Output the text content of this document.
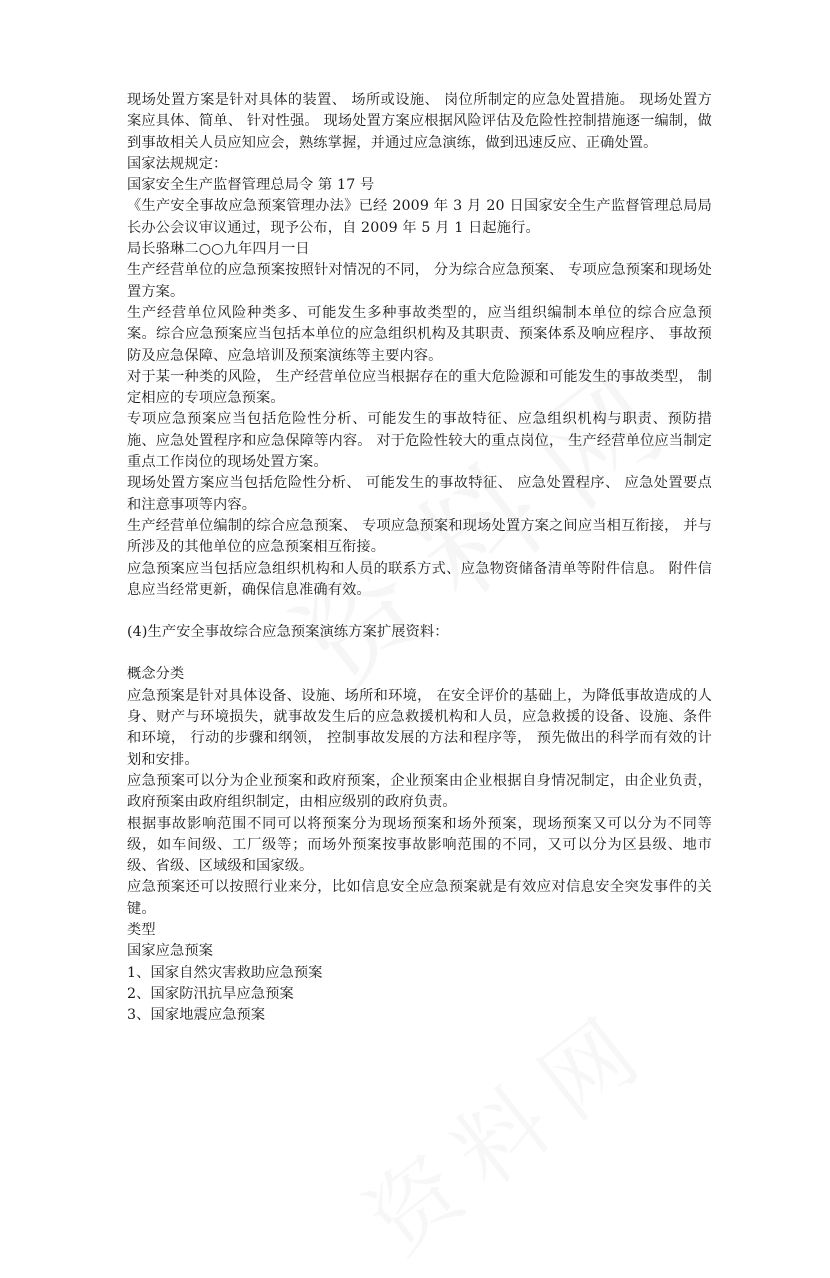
现场处置方案是针对具体的装置、 场所或设施、 岗位所制定的应急处置措施。 现场处置方案应具体、简单、 针对性强。 现场处置方案应根据风险评估及危险性控制措施逐一编制，做到事故相关人员应知应会，熟练掌握，并通过应急演练，做到迅速反应、正确处置。

国家法规规定：

国家安全生产监督管理总局令 第 17 号

《生产安全事故应急预案管理办法》已经 2009 年 3 月 20 日国家安全生产监督管理总局局长办公会议审议通过，现予公布，自 2009 年 5 月 1 日起施行。

局长骆琳二○○九年四月一日

生产经营单位的应急预案按照针对情况的不同， 分为综合应急预案、 专项应急预案和现场处置方案。

生产经营单位风险种类多、可能发生多种事故类型的，应当组织编制本单位的综合应急预案。综合应急预案应当包括本单位的应急组织机构及其职责、预案体系及响应程序、 事故预防及应急保障、应急培训及预案演练等主要内容。

对于某一种类的风险， 生产经营单位应当根据存在的重大危险源和可能发生的事故类型， 制定相应的专项应急预案。

专项应急预案应当包括危险性分析、可能发生的事故特征、应急组织机构与职责、预防措施、应急处置程序和应急保障等内容。 对于危险性较大的重点岗位， 生产经营单位应当制定重点工作岗位的现场处置方案。

现场处置方案应当包括危险性分析、 可能发生的事故特征、 应急处置程序、 应急处置要点和注意事项等内容。

生产经营单位编制的综合应急预案、 专项应急预案和现场处置方案之间应当相互衔接， 并与所涉及的其他单位的应急预案相互衔接。

应急预案应当包括应急组织机构和人员的联系方式、应急物资储备清单等附件信息。 附件信息应当经常更新，确保信息准确有效。

(4)生产安全事故综合应急预案演练方案扩展资料：

概念分类

应急预案是针对具体设备、设施、场所和环境， 在安全评价的基础上，为降低事故造成的人身、财产与环境损失，就事故发生后的应急救援机构和人员，应急救援的设备、设施、条件和环境， 行动的步骤和纲领， 控制事故发展的方法和程序等， 预先做出的科学而有效的计划和安排。

应急预案可以分为企业预案和政府预案，企业预案由企业根据自身情况制定，由企业负责，政府预案由政府组织制定，由相应级别的政府负责。

根据事故影响范围不同可以将预案分为现场预案和场外预案，现场预案又可以分为不同等级，如车间级、工厂级等；而场外预案按事故影响范围的不同，又可以分为区县级、地市级、省级、区域级和国家级。

应急预案还可以按照行业来分，比如信息安全应急预案就是有效应对信息安全突发事件的关键。

类型

国家应急预案

1、国家自然灾害救助应急预案

2、国家防汛抗旱应急预案

3、国家地震应急预案
